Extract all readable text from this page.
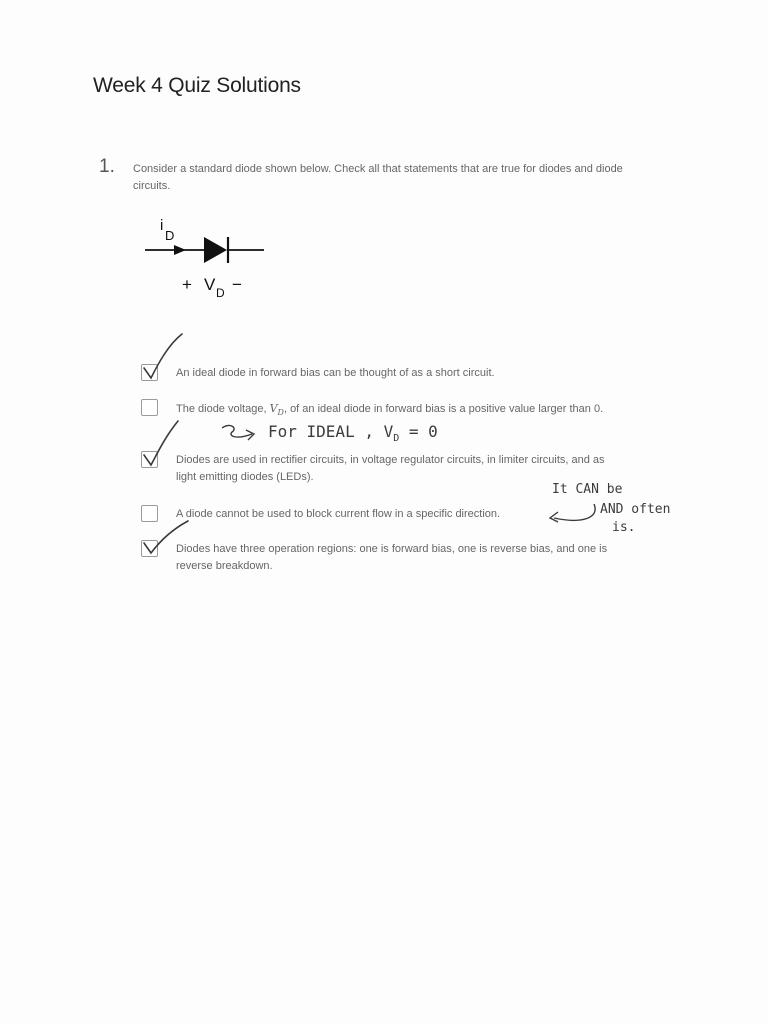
Week 4 Quiz Solutions
1. Consider a standard diode shown below. Check all that statements that are true for diodes and diode circuits.
i
D
+ V D −
An ideal diode in forward bias can be thought of as a short circuit.
The diode voltage, $V_D$, of an ideal diode in forward bias is a positive value larger than 0.
Diodes are used in rectifier circuits, in voltage regulator circuits, in limiter circuits, and as light emitting diodes (LEDs).
A diode cannot be used to block current flow in a specific direction.
Diodes have three operation regions: one is forward bias, one is reverse bias, and one is reverse breakdown.
For IDEAL , $V_D = 0$
It CAN be
AND often
is.
